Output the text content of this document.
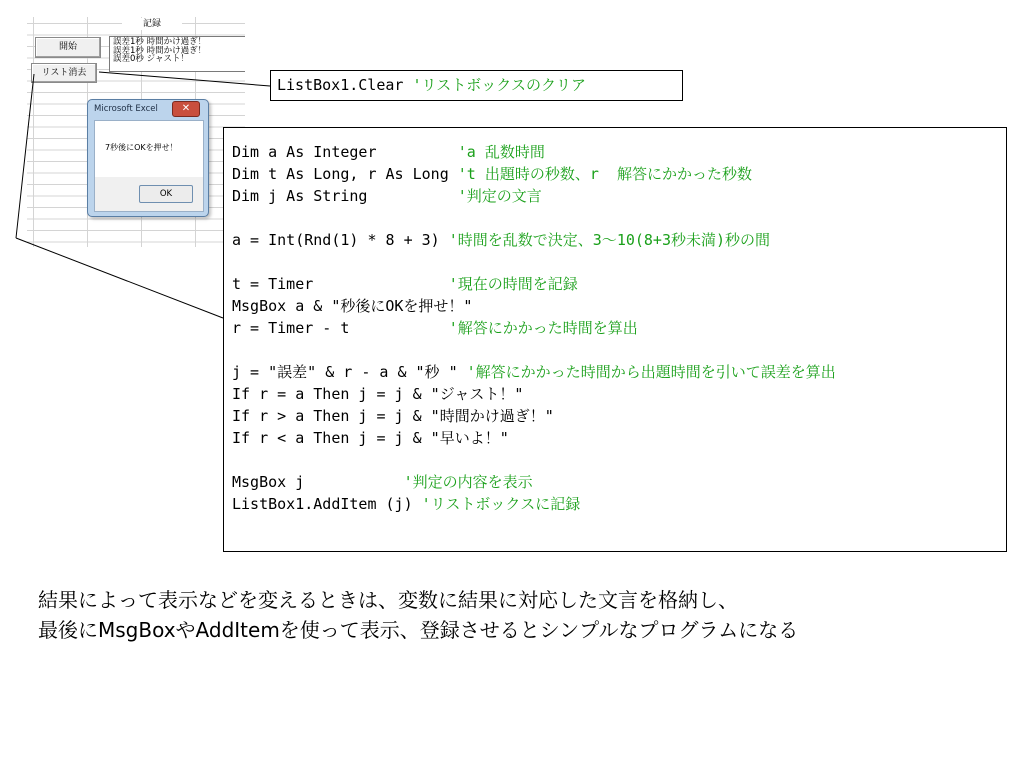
記録
開始
リスト消去
誤差1秒 時間かけ過ぎ！
誤差1秒 時間かけ過ぎ！
誤差0秒 ジャスト！
Microsoft Excel	✕
7秒後にOKを押せ！
OK
ListBox1.Clear 'リストボックスのクリア
Dim a As Integer         'a 乱数時間
Dim t As Long, r As Long 't 出題時の秒数、r  解答にかかった秒数
Dim j As String          '判定の文言
a = Int(Rnd(1) * 8 + 3) '時間を乱数で決定、3～10(8+3秒未満)秒の間
t = Timer               '現在の時間を記録
MsgBox a & "秒後にOKを押せ！"
r = Timer - t           '解答にかかった時間を算出
j = "誤差" & r - a & "秒 " '解答にかかった時間から出題時間を引いて誤差を算出
If r = a Then j = j & "ジャスト！"
If r > a Then j = j & "時間かけ過ぎ！"
If r < a Then j = j & "早いよ！"
MsgBox j           '判定の内容を表示
ListBox1.AddItem (j) 'リストボックスに記録
結果によって表示などを変えるときは、変数に結果に対応した文言を格納し、
最後にMsgBoxやAddItemを使って表示、登録させるとシンプルなプログラムになる
